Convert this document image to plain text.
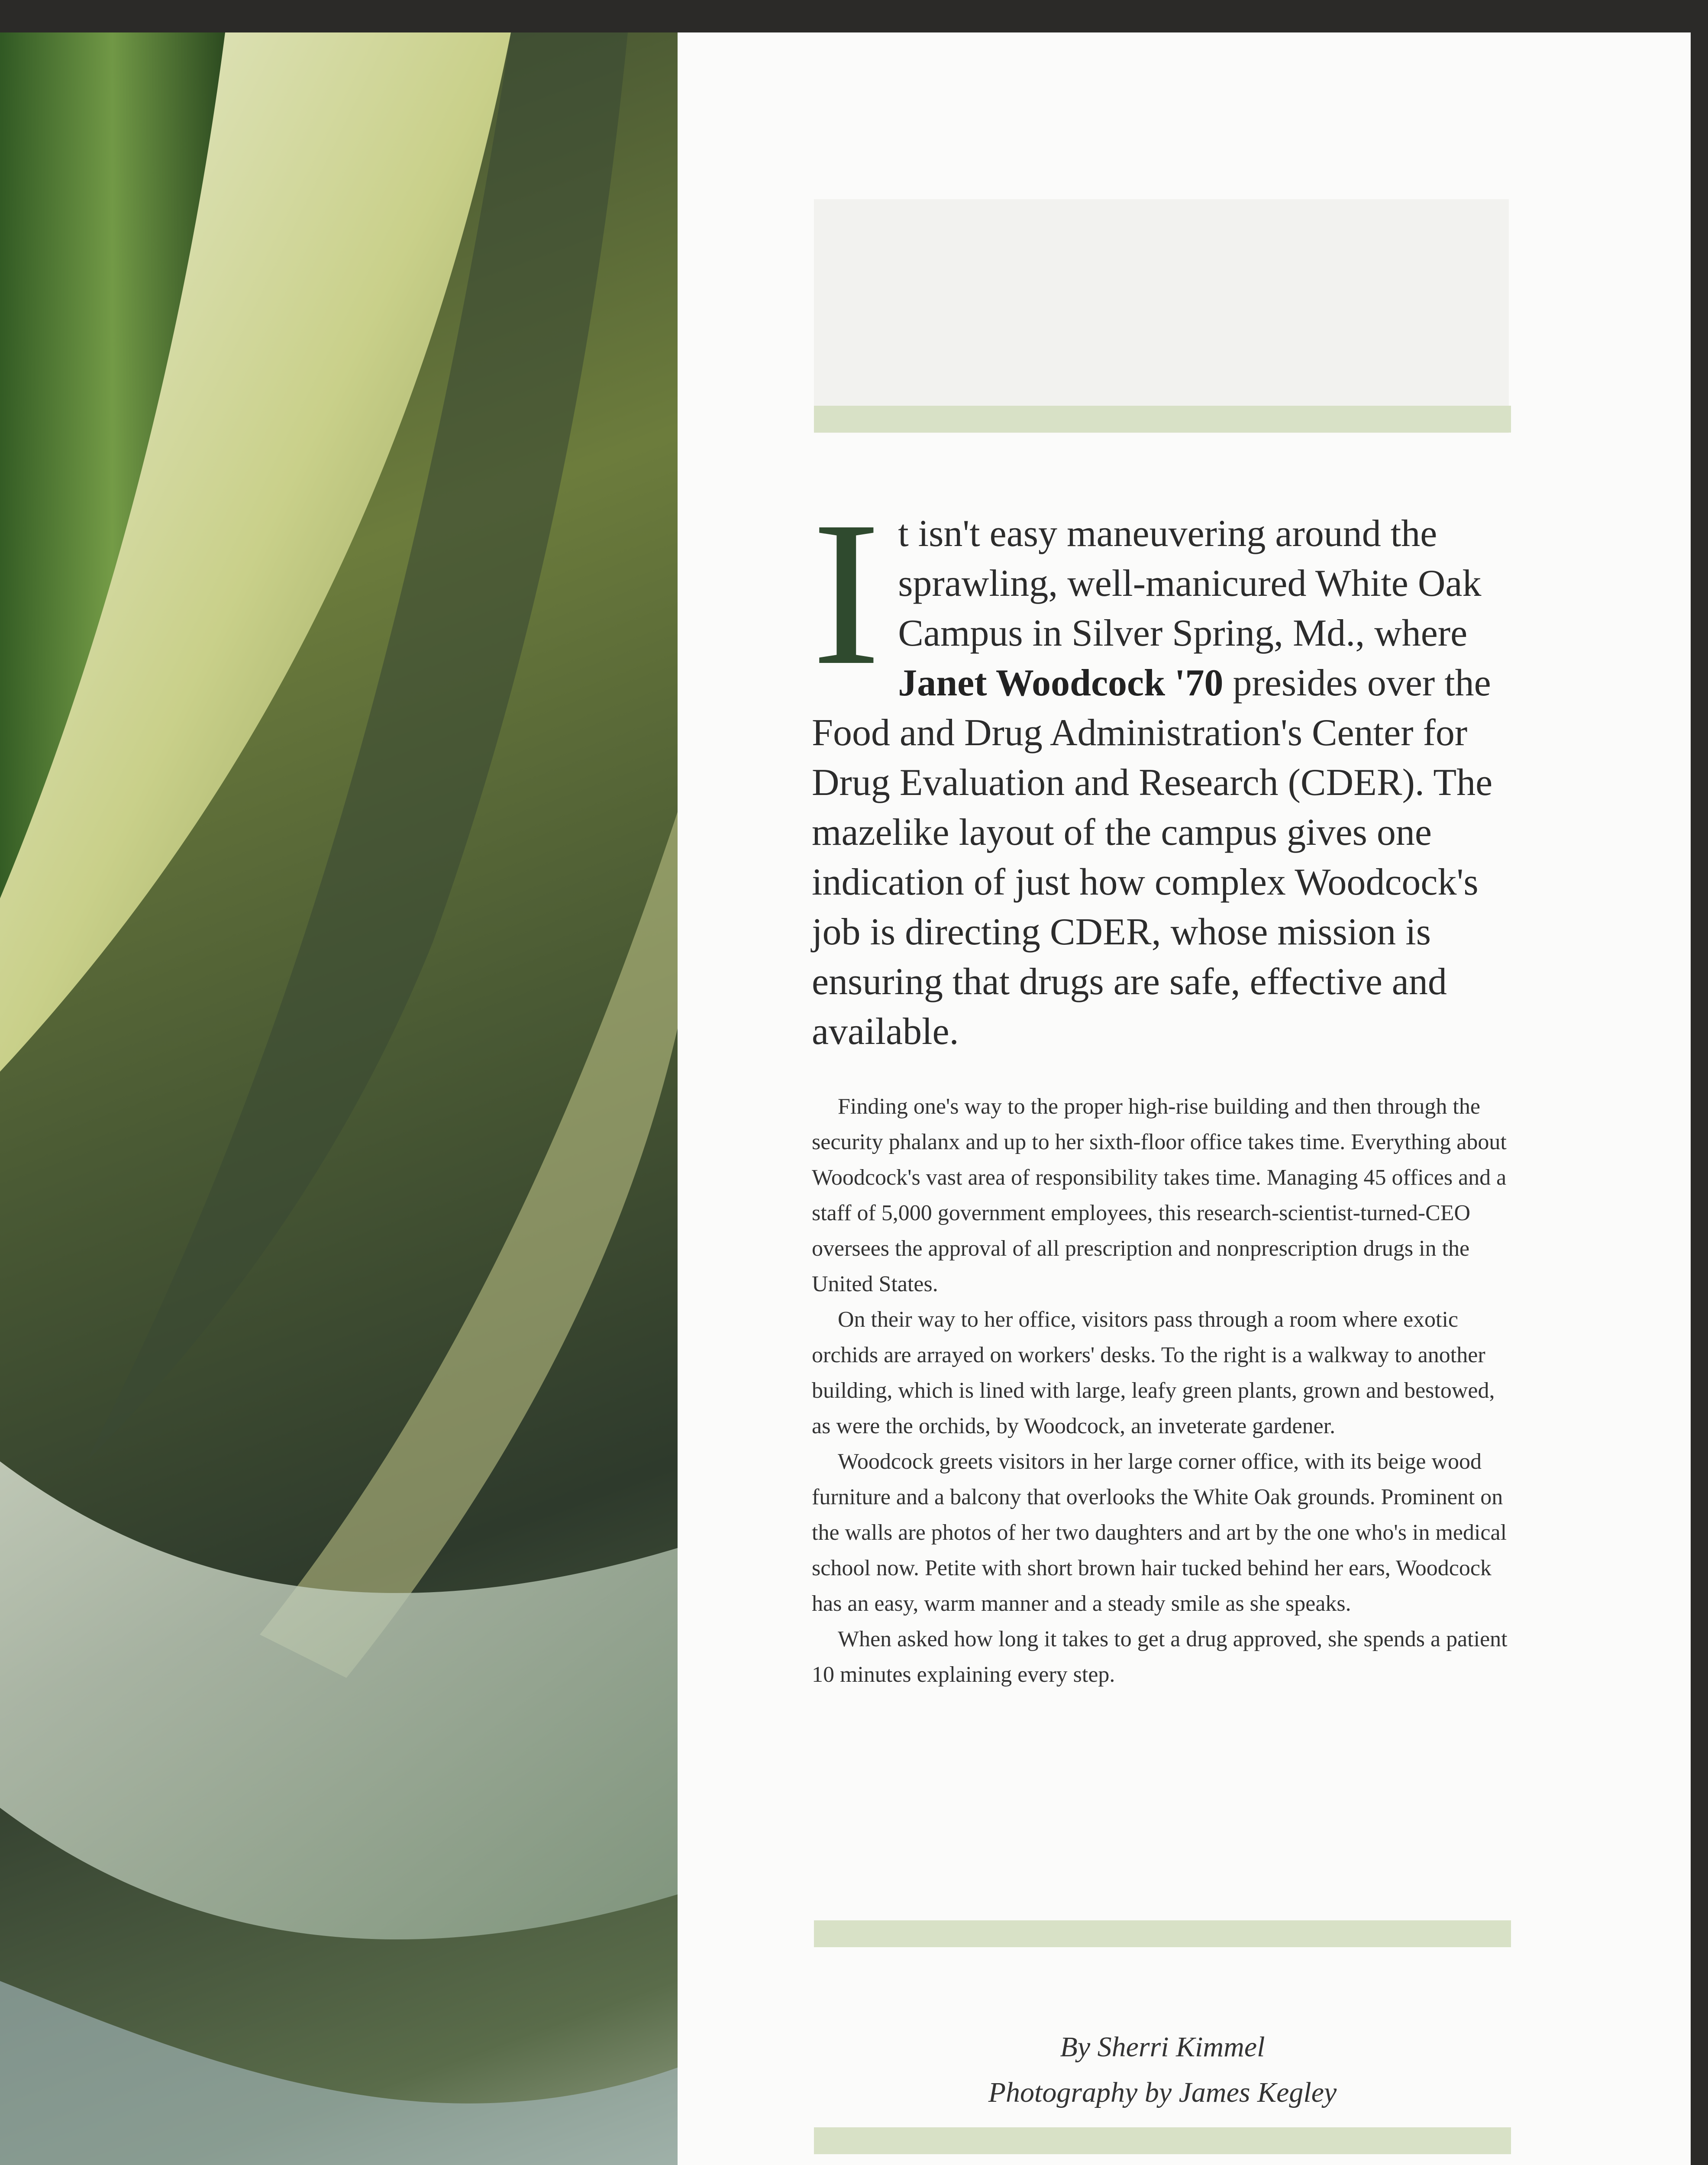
It isn't easy maneuvering around the sprawling, well-manicured White Oak Campus in Silver Spring, Md., where Janet Woodcock '70 presides over the Food and Drug Administration's Center for Drug Evaluation and Research (CDER). The mazelike layout of the campus gives one indication of just how complex Woodcock's job is directing CDER, whose mission is ensuring that drugs are safe, effective and available.

Finding one's way to the proper high-rise building and then through the security phalanx and up to her sixth-floor office takes time. Everything about Woodcock's vast area of responsibility takes time. Managing 45 offices and a staff of 5,000 government employees, this research-scientist-turned-CEO oversees the approval of all prescription and nonprescription drugs in the United States.

On their way to her office, visitors pass through a room where exotic orchids are arrayed on workers' desks. To the right is a walkway to another building, which is lined with large, leafy green plants, grown and bestowed, as were the orchids, by Woodcock, an inveterate gardener.

Woodcock greets visitors in her large corner office, with its beige wood furniture and a balcony that overlooks the White Oak grounds. Prominent on the walls are photos of her two daughters and art by the one who's in medical school now. Petite with short brown hair tucked behind her ears, Woodcock has an easy, warm manner and a steady smile as she speaks.

When asked how long it takes to get a drug approved, she spends a patient 10 minutes explaining every step.

By Sherri Kimmel
Photography by James Kegley
